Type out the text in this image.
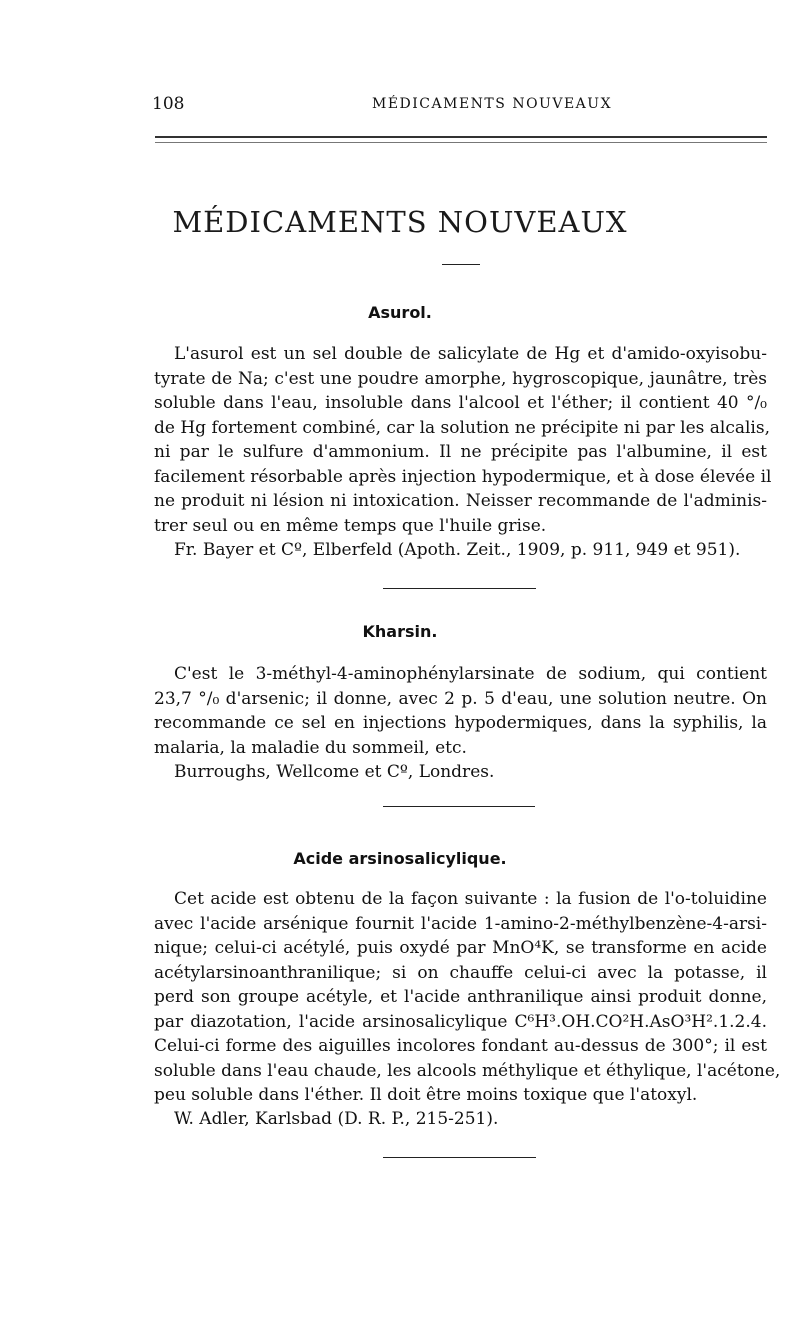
108	MÉDICAMENTS NOUVEAUX
MÉDICAMENTS NOUVEAUX
Asurol.
L'asurol est un sel double de salicylate de Hg et d'amido-oxyisobu-
tyrate de Na; c'est une poudre amorphe, hygroscopique, jaunâtre, très
soluble dans l'eau, insoluble dans l'alcool et l'éther; il contient 40 °/₀
de Hg fortement combiné, car la solution ne précipite ni par les alcalis,
ni par le sulfure d'ammonium. Il ne précipite pas l'albumine, il est
facilement résorbable après injection hypodermique, et à dose élevée il
ne produit ni lésion ni intoxication. Neisser recommande de l'adminis-
trer seul ou en même temps que l'huile grise.
Fr. Bayer et Cº, Elberfeld (Apoth. Zeit., 1909, p. 911, 949 et 951).
Kharsin.
C'est le 3-méthyl-4-aminophénylarsinate de sodium, qui contient
23,7 °/₀ d'arsenic; il donne, avec 2 p. 5 d'eau, une solution neutre. On
recommande ce sel en injections hypodermiques, dans la syphilis, la
malaria, la maladie du sommeil, etc.
Burroughs, Wellcome et Cº, Londres.
Acide arsinosalicylique.
Cet acide est obtenu de la façon suivante : la fusion de l'o-toluidine
avec l'acide arsénique fournit l'acide 1-amino-2-méthylbenzène-4-arsi-
nique; celui-ci acétylé, puis oxydé par MnO⁴K, se transforme en acide
acétylarsinoanthranilique; si on chauffe celui-ci avec la potasse, il
perd son groupe acétyle, et l'acide anthranilique ainsi produit donne,
par diazotation, l'acide arsinosalicylique C⁶H³.OH.CO²H.AsO³H².1.2.4.
Celui-ci forme des aiguilles incolores fondant au-dessus de 300°; il est
soluble dans l'eau chaude, les alcools méthylique et éthylique, l'acétone,
peu soluble dans l'éther. Il doit être moins toxique que l'atoxyl.
W. Adler, Karlsbad (D. R. P., 215-251).
